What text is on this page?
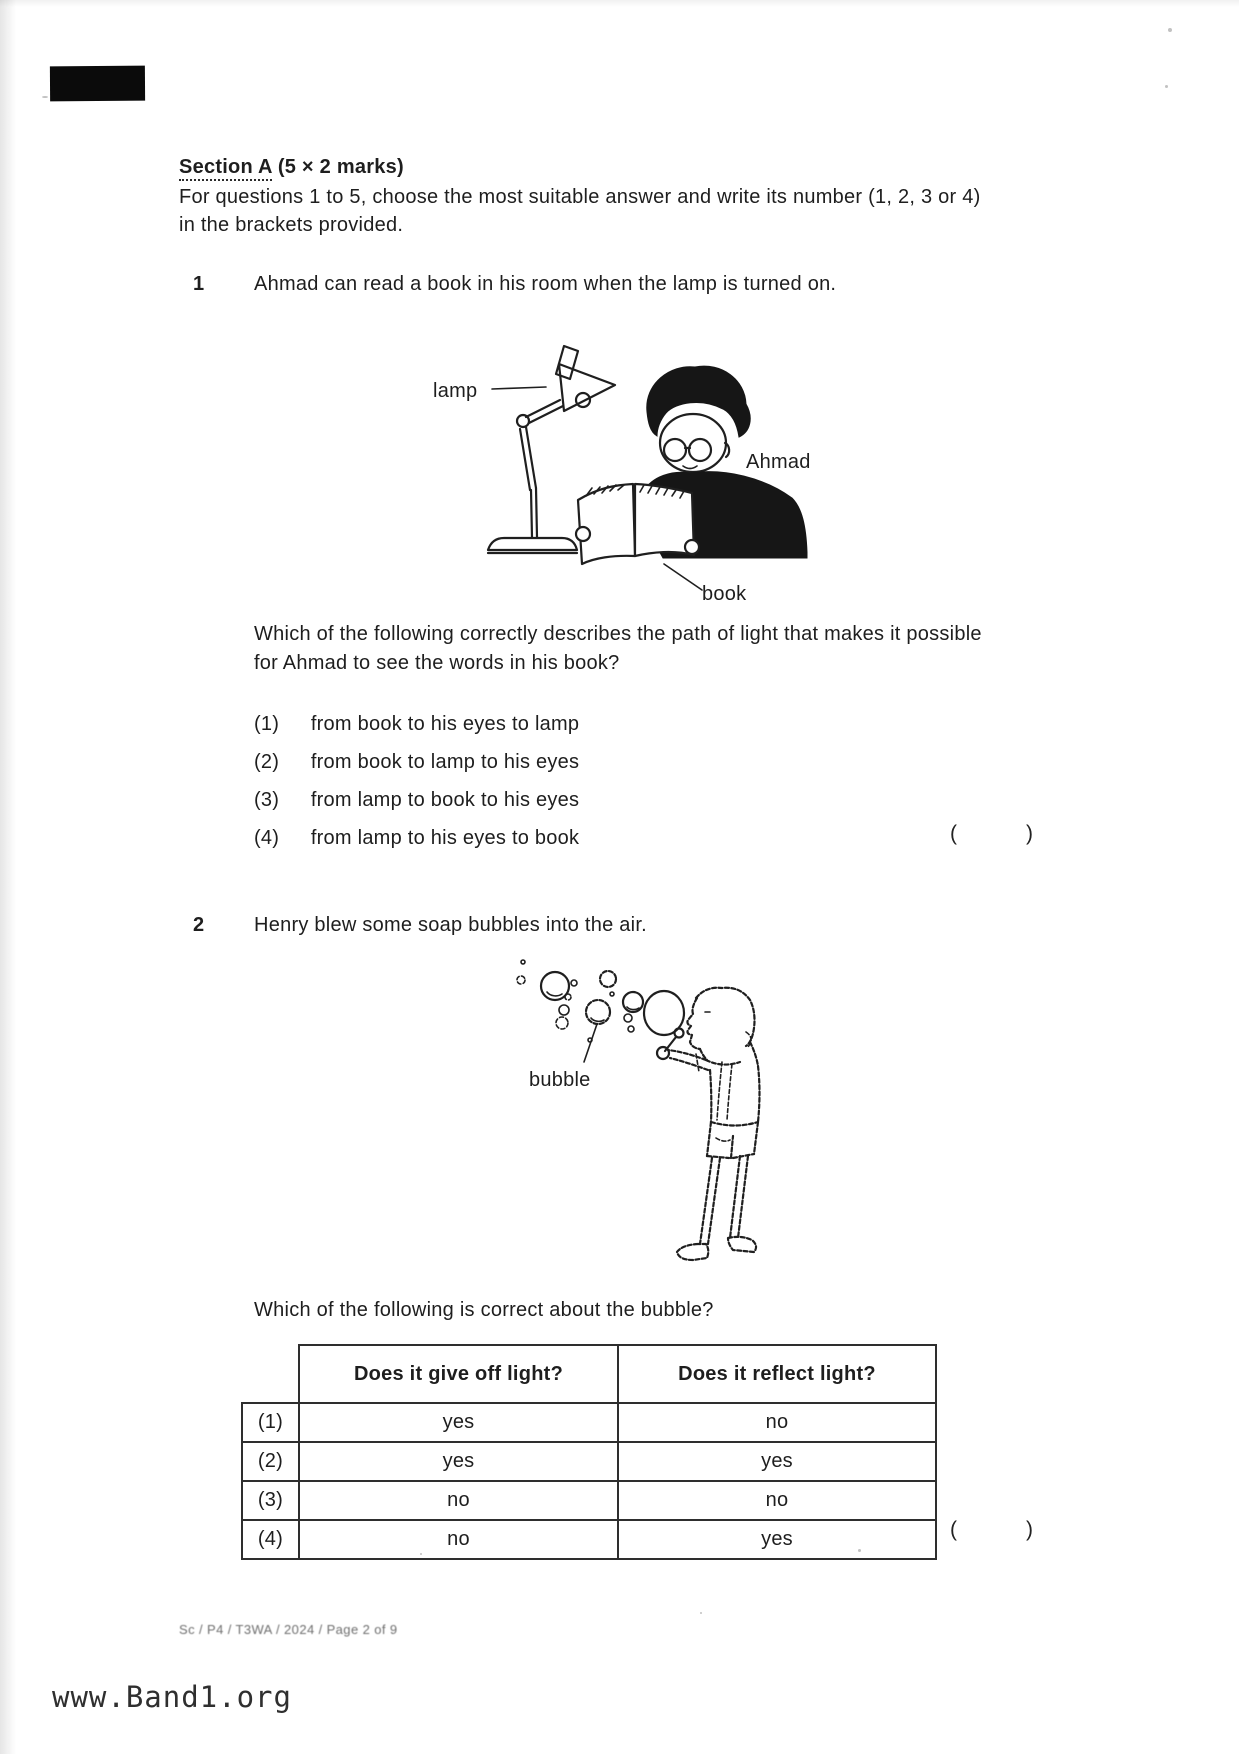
Section A (5 × 2 marks)
For questions 1 to 5, choose the most suitable answer and write its number (1, 2, 3 or 4)
in the brackets provided.
1 Ahmad can read a book in his room when the lamp is turned on.
lamp
Ahmad
book
Which of the following correctly describes the path of light that makes it possible
for Ahmad to see the words in his book?
(1) from book to his eyes to lamp
(2) from book to lamp to his eyes
(3) from lamp to book to his eyes
(4) from lamp to his eyes to book	(	)
2 Henry blew some soap bubbles into the air.
bubble
Which of the following is correct about the bubble?
	Does it give off light?	Does it reflect light?
(1)	yes	no
(2)	yes	yes
(3)	no	no
(4)	no	yes	(	)
Sc / P4 / T3WA / 2024 / Page 2 of 9
www.Band1.org
